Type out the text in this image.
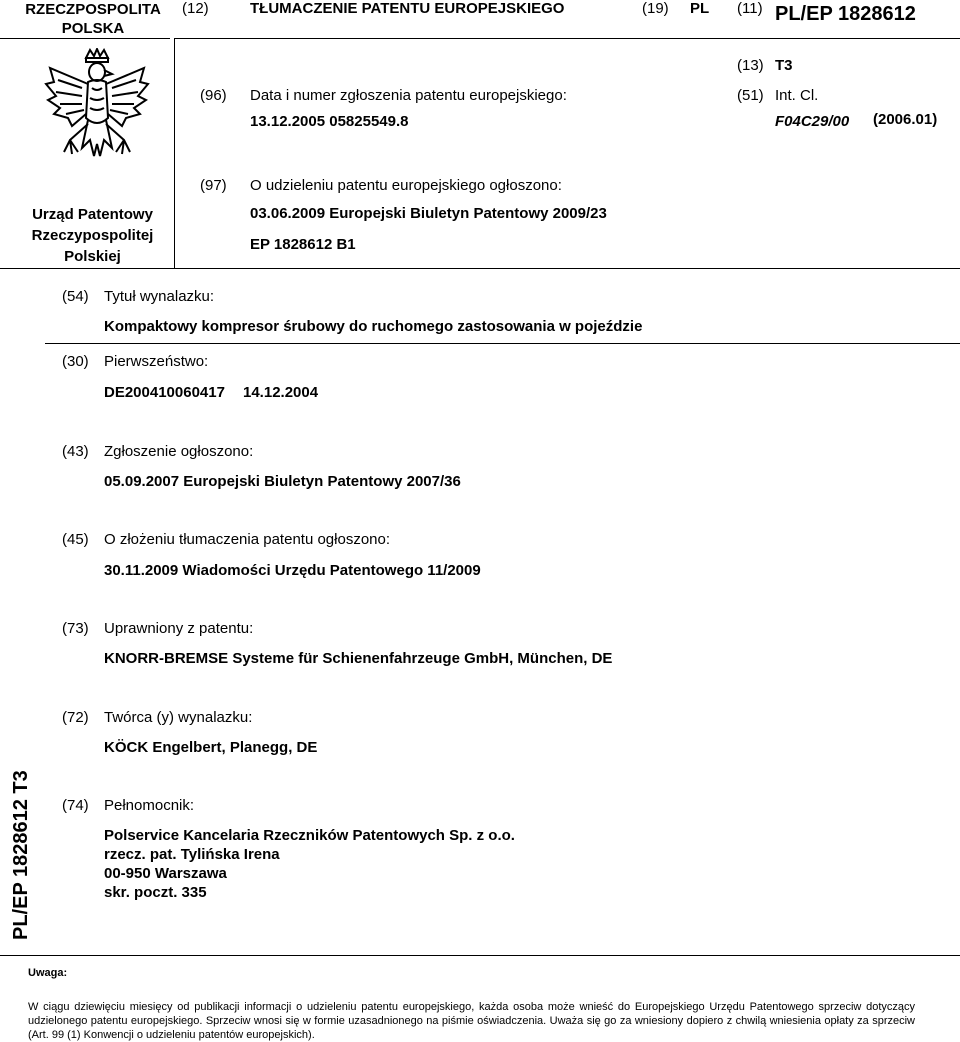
RZECZPOSPOLITA
POLSKA
(12)	TŁUMACZENIE PATENTU EUROPEJSKIEGO	(19) PL (11) PL/EP 1828612
Urząd Patentowy
Rzeczypospolitej
Polskiej
(13) T3
(96) Data i numer zgłoszenia patentu europejskiego:
13.12.2005 05825549.8
(51) Int. Cl.
F04C29/00 (2006.01)
(97) O udzieleniu patentu europejskiego ogłoszono:
03.06.2009 Europejski Biuletyn Patentowy 2009/23
EP 1828612 B1
(54) Tytuł wynalazku:
Kompaktowy kompresor śrubowy do ruchomego zastosowania w pojeździe
(30) Pierwszeństwo:
DE200410060417 14.12.2004
(43) Zgłoszenie ogłoszono:
05.09.2007 Europejski Biuletyn Patentowy 2007/36
(45) O złożeniu tłumaczenia patentu ogłoszono:
30.11.2009 Wiadomości Urzędu Patentowego 11/2009
(73) Uprawniony z patentu:
KNORR-BREMSE Systeme für Schienenfahrzeuge GmbH, München, DE
PL/EP 1828612 T3
(72) Twórca (y) wynalazku:
KÖCK Engelbert, Planegg, DE
(74) Pełnomocnik:
Polservice Kancelaria Rzeczników Patentowych Sp. z o.o.
rzecz. pat. Tylińska Irena
00-950 Warszawa
skr. poczt. 335
Uwaga:
W ciągu dziewięciu miesięcy od publikacji informacji o udzieleniu patentu europejskiego, każda osoba może wnieść do Europejskiego Urzędu Patentowego sprzeciw dotyczący udzielonego patentu europejskiego. Sprzeciw wnosi się w formie uzasadnionego na piśmie oświadczenia. Uważa się go za wniesiony dopiero z chwilą wniesienia opłaty za sprzeciw (Art. 99 (1) Konwencji o udzieleniu patentów europejskich).
